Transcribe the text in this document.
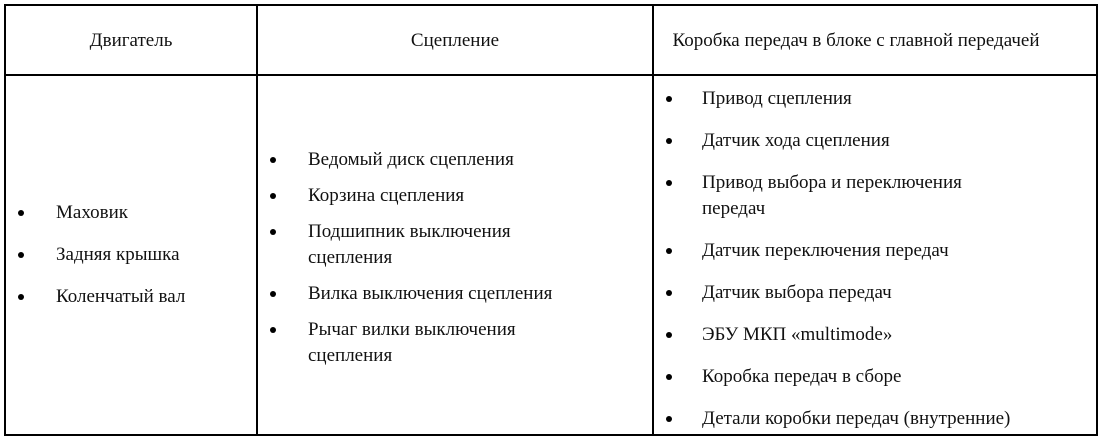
Двигатель	Сцепление	Коробка передач в блоке с главной передачей
Маховик
Задняя крышка
Коленчатый вал
Ведомый диск сцепления
Корзина сцепления
Подшипник выключения сцепления
Вилка выключения сцепления
Рычаг вилки выключения сцепления
Привод сцепления
Датчик хода сцепления
Привод выбора и переключения передач
Датчик переключения передач
Датчик выбора передач
ЭБУ МКП «multimode»
Коробка передач в сборе
Детали коробки передач (внутренние)
